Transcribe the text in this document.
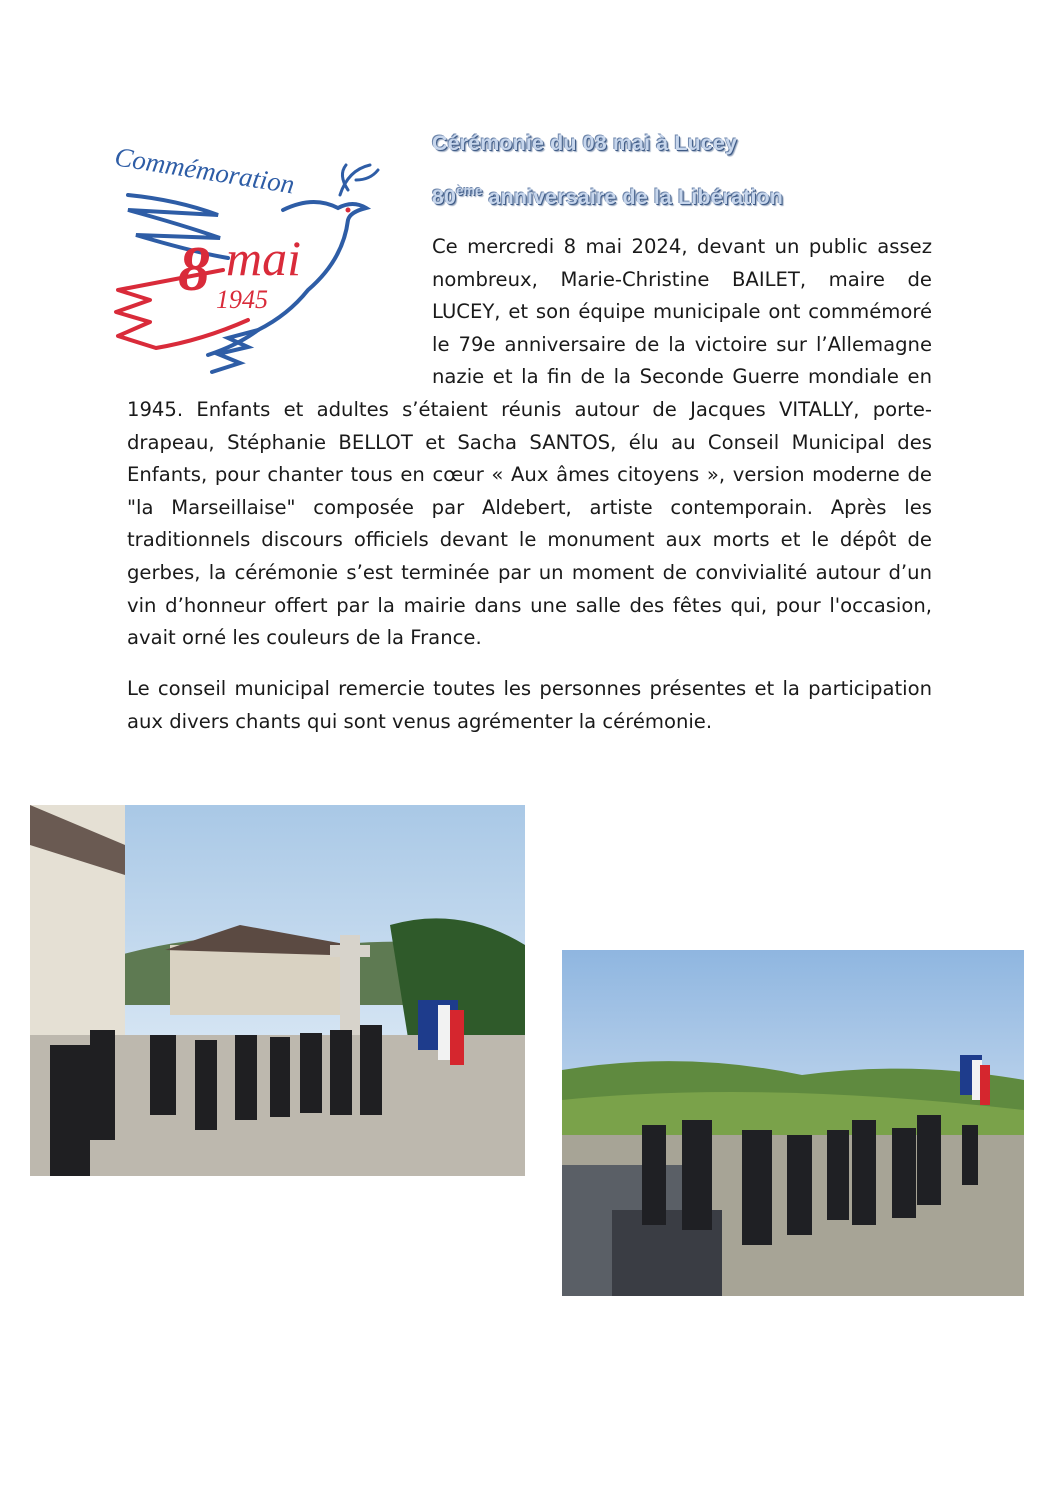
Commémoration
8 mai
1945
Cérémonie du 08 mai à Lucey
80ème anniversaire de la Libération
Ce mercredi 8 mai 2024, devant un public assez nombreux, Marie-Christine BAILET, maire de LUCEY, et son équipe municipale ont commémoré le 79e anniversaire de la victoire sur l’Allemagne nazie et la fin de la Seconde Guerre mondiale en 1945. Enfants et adultes s’étaient réunis autour de Jacques VITALLY, porte-drapeau, Stéphanie BELLOT et Sacha SANTOS, élu au Conseil Municipal des Enfants, pour chanter tous en cœur « Aux âmes citoyens », version moderne de "la Marseillaise" composée par Aldebert, artiste contemporain. Après les traditionnels discours officiels devant le monument aux morts et le dépôt de gerbes, la cérémonie s’est terminée par un moment de convivialité autour d’un vin d’honneur offert par la mairie dans une salle des fêtes qui, pour l'occasion, avait orné les couleurs de la France.

Le conseil municipal remercie toutes les personnes présentes et la participation aux divers chants qui sont venus agrémenter la cérémonie.
